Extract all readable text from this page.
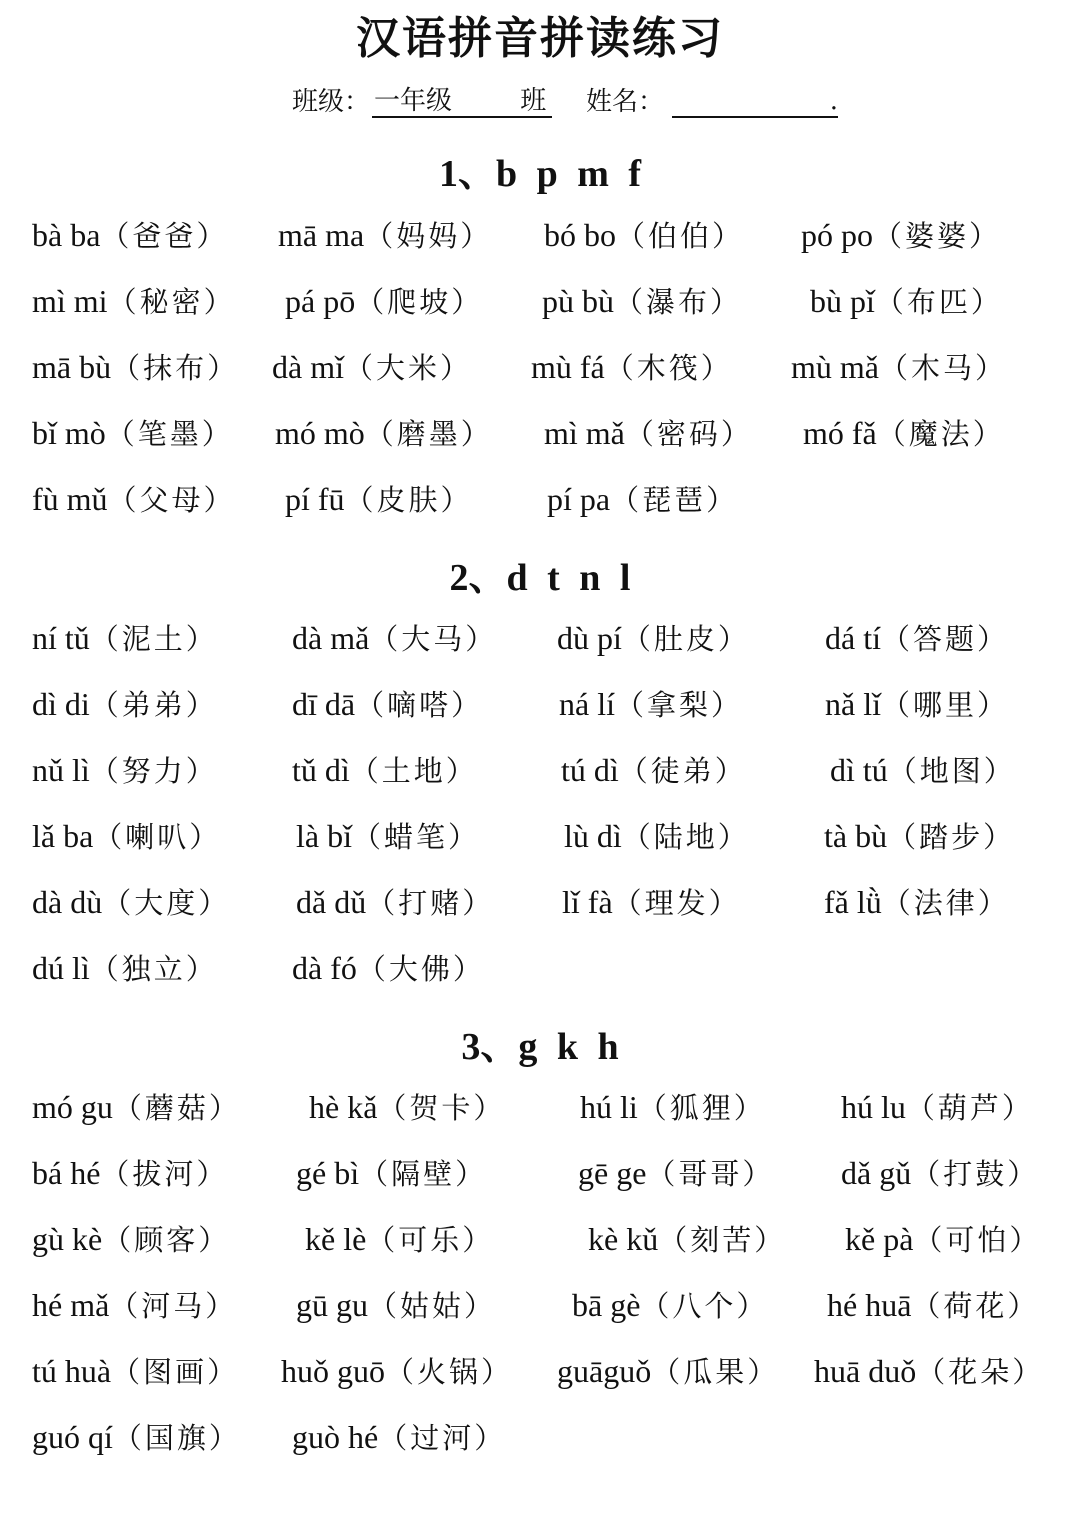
汉语拼音拼读练习
班级： 一年级	班 姓名：	.
1、b p m f
bà ba（爸爸） mā ma（妈妈） bó bo（伯伯） pó po（婆婆）
mì mi（秘密） pá pō（爬坡） pù bù（瀑布） bù pǐ（布匹）
mā bù（抹布） dà mǐ（大米） mù fá（木筏） mù mǎ（木马）
bǐ mò（笔墨） mó mò（磨墨） mì mǎ（密码） mó fǎ（魔法）
fù mǔ（父母） pí fū（皮肤） pí pa（琵琶）
2、d t n l
ní tǔ（泥土） dà mǎ（大马） dù pí（肚皮） dá tí（答题）
dì di（弟弟） dī dā（嘀嗒） ná lí（拿梨）	nǎ lǐ（哪里）
nǔ lì（努力） tǔ dì（土地）	tú dì（徒弟）	dì tú（地图）
lǎ ba（喇叭） là bǐ（蜡笔）	lù dì（陆地） tà bù（踏步）
dà dù（大度） dǎ dǔ（打赌） lǐ fà（理发）	fǎ lǜ（法律）
dú lì（独立） dà fó（大佛）
3、g k h
mó gu（蘑菇） hè kǎ（贺卡） hú li（狐狸） hú lu（葫芦）
bá hé（拔河） gé bì（隔壁）	gē ge（哥哥） dǎ gǔ（打鼓）
gù kè（顾客） kě lè（可乐）	kè kǔ（刻苦） kě pà（可怕）
hé mǎ（河马） gū gu（姑姑） bā gè（八个） hé huā（荷花）
tú huà（图画） huǒ guō（火锅） guāguǒ（瓜果） huā duǒ（花朵）
guó qí（国旗） guò hé（过河）
